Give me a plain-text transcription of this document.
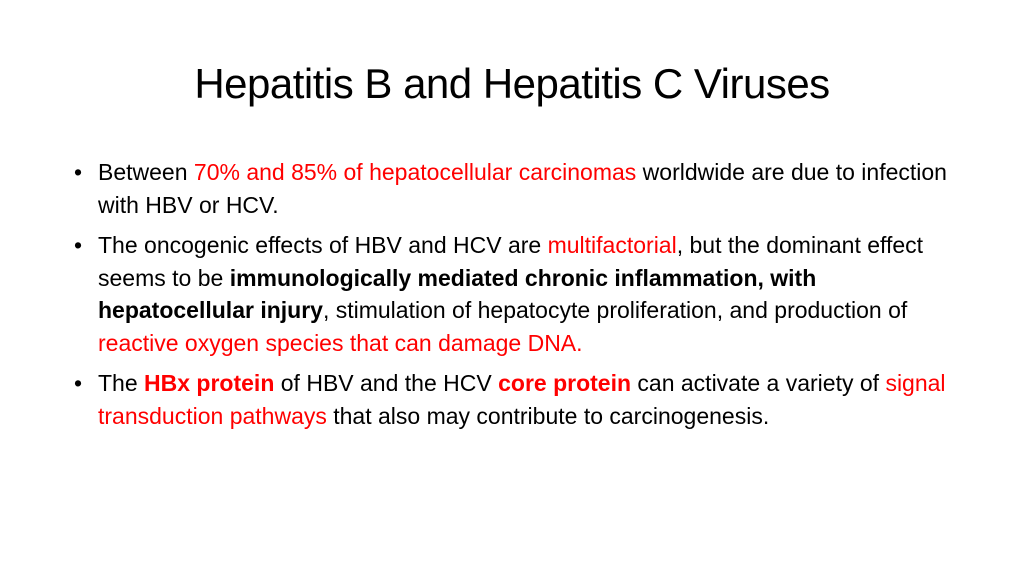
Hepatitis B and Hepatitis C Viruses
• Between 70% and 85% of hepatocellular carcinomas worldwide are due to infection with HBV or HCV.
• The oncogenic effects of HBV and HCV are multifactorial, but the dominant effect seems to be immunologically mediated chronic inflammation, with hepatocellular injury, stimulation of hepatocyte proliferation, and production of reactive oxygen species that can damage DNA.
• The HBx protein of HBV and the HCV core protein can activate a variety of signal transduction pathways that also may contribute to carcinogenesis.
